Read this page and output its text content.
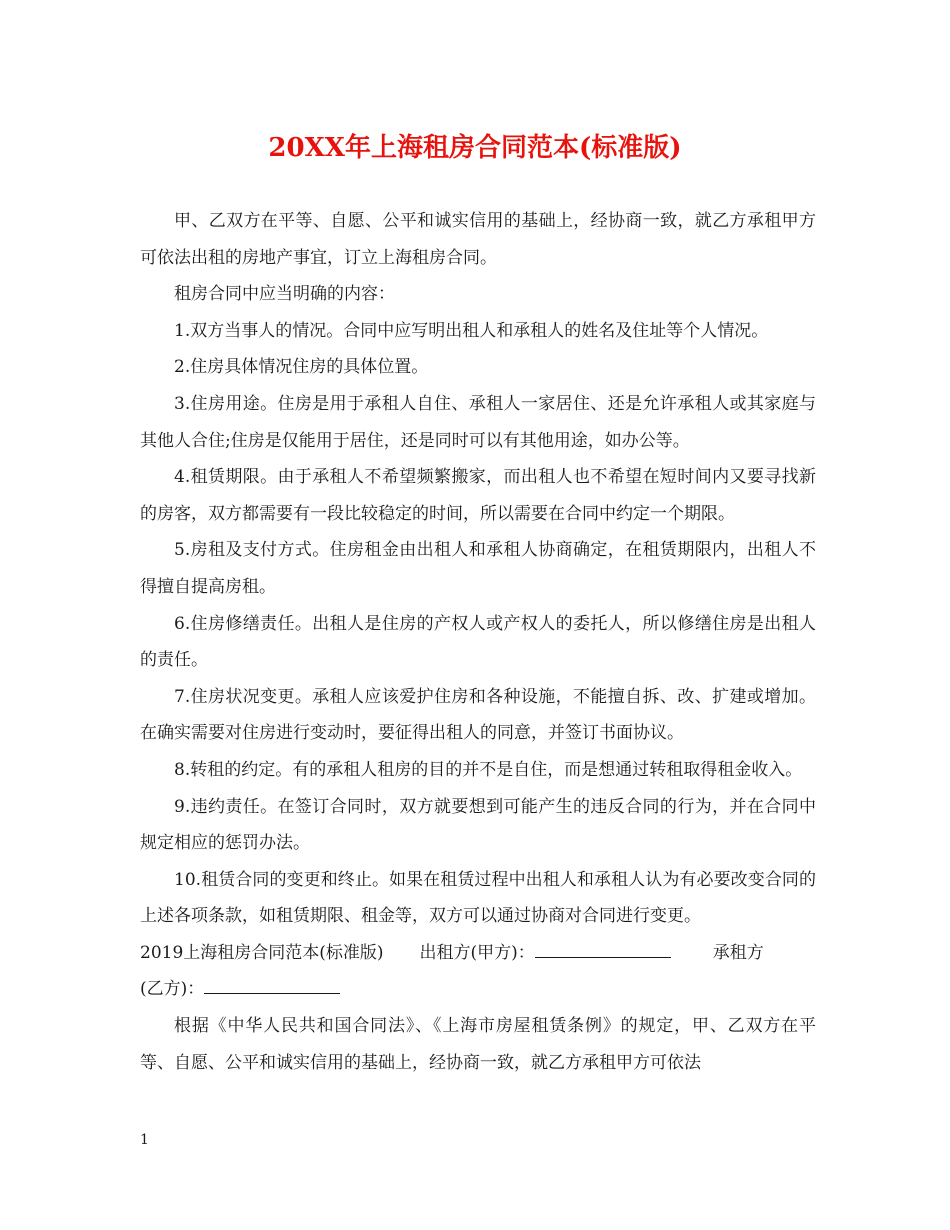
20XX年上海租房合同范本(标准版)

甲、乙双方在平等、自愿、公平和诚实信用的基础上，经协商一致，就乙方承租甲方可依法出租的房地产事宜，订立上海租房合同。

租房合同中应当明确的内容：

1.双方当事人的情况。合同中应写明出租人和承租人的姓名及住址等个人情况。

2.住房具体情况住房的具体位置。

3.住房用途。住房是用于承租人自住、承租人一家居住、还是允许承租人或其家庭与其他人合住;住房是仅能用于居住，还是同时可以有其他用途，如办公等。

4.租赁期限。由于承租人不希望频繁搬家，而出租人也不希望在短时间内又要寻找新的房客，双方都需要有一段比较稳定的时间，所以需要在合同中约定一个期限。

5.房租及支付方式。住房租金由出租人和承租人协商确定，在租赁期限内，出租人不得擅自提高房租。

6.住房修缮责任。出租人是住房的产权人或产权人的委托人，所以修缮住房是出租人的责任。

7.住房状况变更。承租人应该爱护住房和各种设施，不能擅自拆、改、扩建或增加。在确实需要对住房进行变动时，要征得出租人的同意，并签订书面协议。

8.转租的约定。有的承租人租房的目的并不是自住，而是想通过转租取得租金收入。

9.违约责任。在签订合同时，双方就要想到可能产生的违反合同的行为，并在合同中规定相应的惩罚办法。

10.租赁合同的变更和终止。如果在租赁过程中出租人和承租人认为有必要改变合同的上述各项条款，如租赁期限、租金等，双方可以通过协商对合同进行变更。

2019上海租房合同范本(标准版) 出租方(甲方)：	承租方
(乙方)：

根据《中华人民共和国合同法》、《上海市房屋租赁条例》的规定，甲、乙双方在平等、自愿、公平和诚实信用的基础上，经协商一致，就乙方承租甲方可依法

1
